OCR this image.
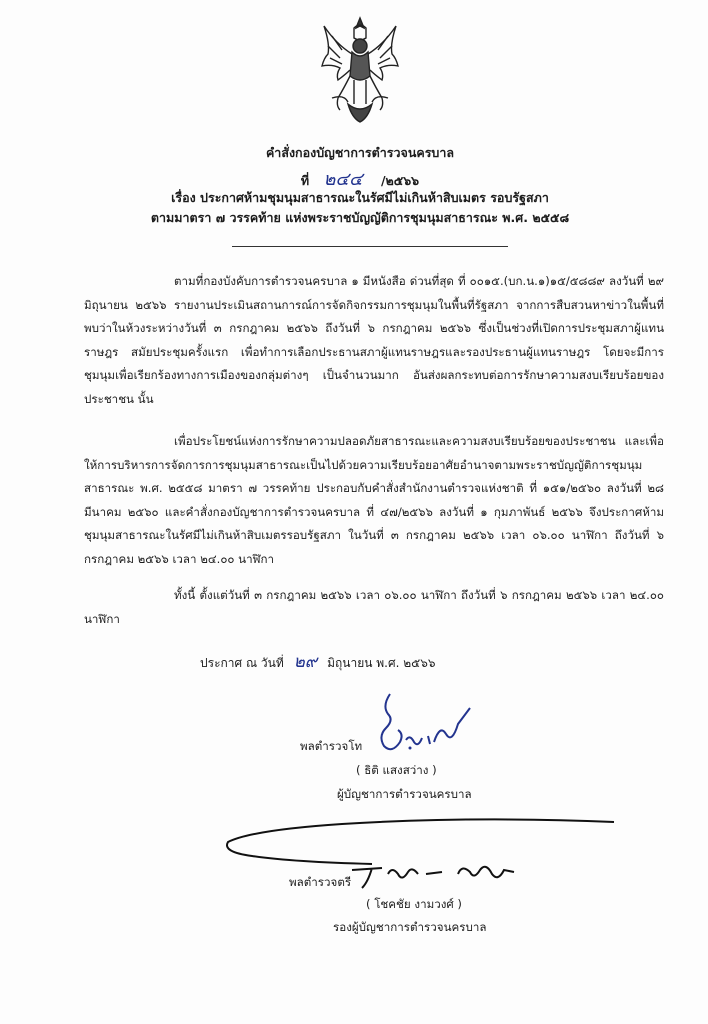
คำสั่งกองบัญชาการตำรวจนครบาล
ที่ ๒๔๔ /๒๕๖๖
เรื่อง ประกาศห้ามชุมนุมสาธารณะในรัศมีไม่เกินห้าสิบเมตร รอบรัฐสภา
ตามมาตรา ๗ วรรคท้าย แห่งพระราชบัญญัติการชุมนุมสาธารณะ พ.ศ. ๒๕๕๘
ตามที่กองบังคับการตำรวจนครบาล ๑ มีหนังสือ ด่วนที่สุด ที่ ๐๐๑๕.(บก.น.๑)๑๕/๕๘๘๙ ลงวันที่ ๒๙ มิถุนายน ๒๕๖๖ รายงานประเมินสถานการณ์การจัดกิจกรรมการชุมนุมในพื้นที่รัฐสภา จากการสืบสวนหาข่าวในพื้นที่ พบว่าในห้วงระหว่างวันที่ ๓ กรกฎาคม ๒๕๖๖ ถึงวันที่ ๖ กรกฎาคม ๒๕๖๖ ซึ่งเป็นช่วงที่เปิดการประชุมสภาผู้แทนราษฎร สมัยประชุมครั้งแรก เพื่อทำการเลือกประธานสภาผู้แทนราษฎรและรองประธานผู้แทนราษฎร โดยจะมีการชุมนุมเพื่อเรียกร้องทางการเมืองของกลุ่มต่างๆ เป็นจำนวนมาก อันส่งผลกระทบต่อการรักษาความสงบเรียบร้อยของประชาชน นั้น
เพื่อประโยชน์แห่งการรักษาความปลอดภัยสาธารณะและความสงบเรียบร้อยของประชาชน และเพื่อให้การบริหารการจัดการการชุมนุมสาธารณะเป็นไปด้วยความเรียบร้อยอาศัยอำนาจตามพระราชบัญญัติการชุมนุมสาธารณะ พ.ศ. ๒๕๕๘ มาตรา ๗ วรรคท้าย ประกอบกับคำสั่งสำนักงานตำรวจแห่งชาติ ที่ ๑๕๑/๒๕๖๐ ลงวันที่ ๒๘ มีนาคม ๒๕๖๐ และคำสั่งกองบัญชาการตำรวจนครบาล ที่ ๔๗/๒๕๖๖ ลงวันที่ ๑ กุมภาพันธ์ ๒๕๖๖ จึงประกาศห้ามชุมนุมสาธารณะในรัศมีไม่เกินห้าสิบเมตรรอบรัฐสภา ในวันที่ ๓ กรกฎาคม ๒๕๖๖ เวลา ๐๖.๐๐ นาฬิกา ถึงวันที่ ๖ กรกฎาคม ๒๕๖๖ เวลา ๒๔.๐๐ นาฬิกา
ทั้งนี้ ตั้งแต่วันที่ ๓ กรกฎาคม ๒๕๖๖ เวลา ๐๖.๐๐ นาฬิกา ถึงวันที่ ๖ กรกฎาคม ๒๕๖๖ เวลา ๒๔.๐๐ นาฬิกา
ประกาศ ณ วันที่ ๒๙ มิถุนายน พ.ศ. ๒๕๖๖
พลตำรวจโท
( ธิติ แสงสว่าง )
ผู้บัญชาการตำรวจนครบาล
พลตำรวจตรี
( โชคชัย งามวงศ์ )
รองผู้บัญชาการตำรวจนครบาล
